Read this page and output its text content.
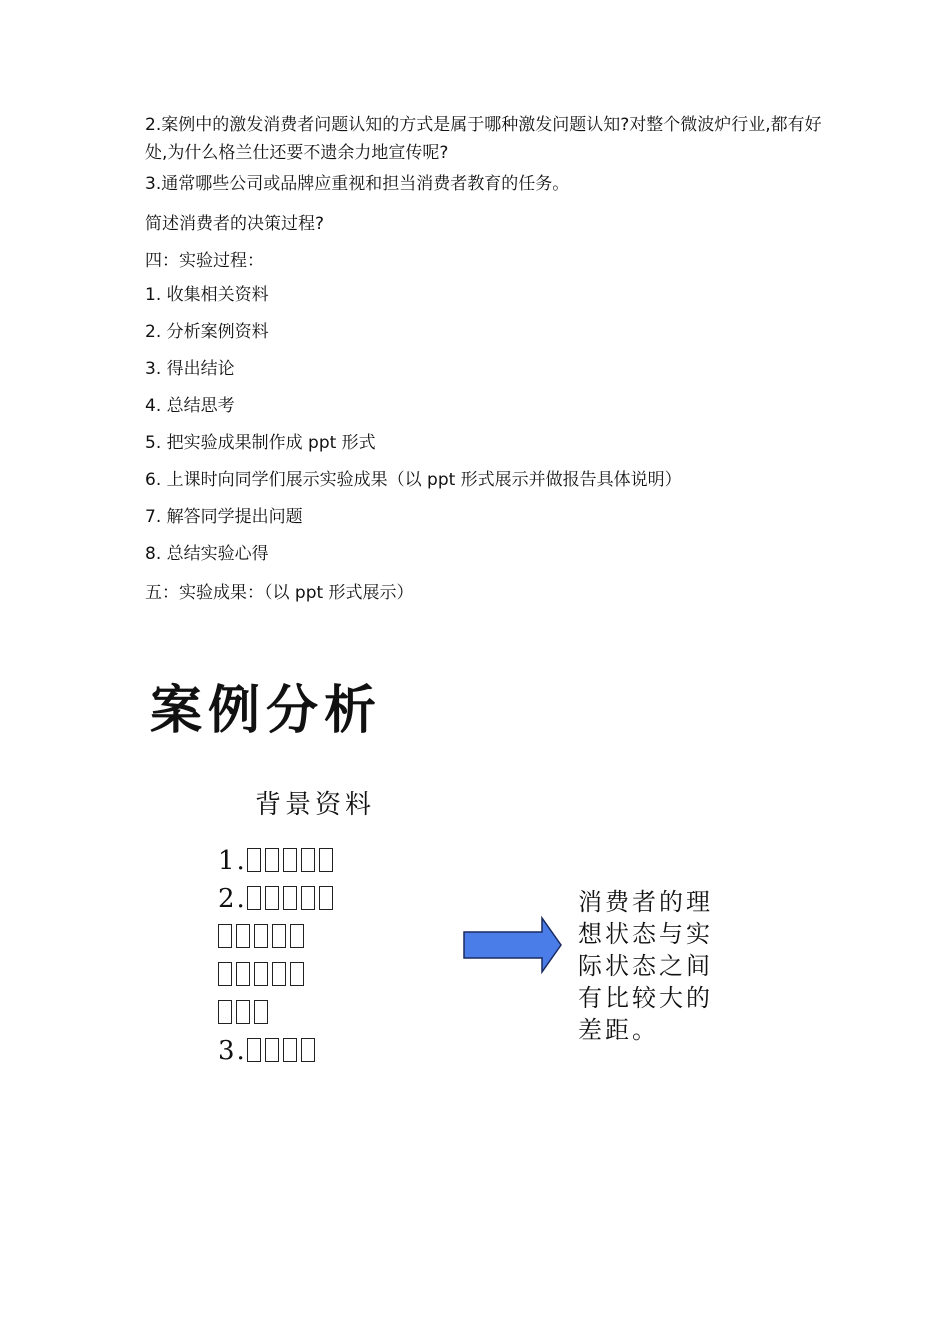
2.案例中的激发消费者问题认知的方式是属于哪种激发问题认知?对整个微波炉行业,都有好处,为什么格兰仕还要不遗余力地宣传呢?

3.通常哪些公司或品牌应重视和担当消费者教育的任务。

简述消费者的决策过程?

四：实验过程：

1. 收集相关资料

2. 分析案例资料

3. 得出结论

4. 总结思考

5. 把实验成果制作成 ppt 形式

6. 上课时向同学们展示实验成果（以 ppt 形式展示并做报告具体说明）

7. 解答同学提出问题

8. 总结实验心得

五：实验成果：（以 ppt 形式展示）

案例分析
背景资料
1.
2.
3.

消费者的理想状态与实际状态之间有比较大的差距。
